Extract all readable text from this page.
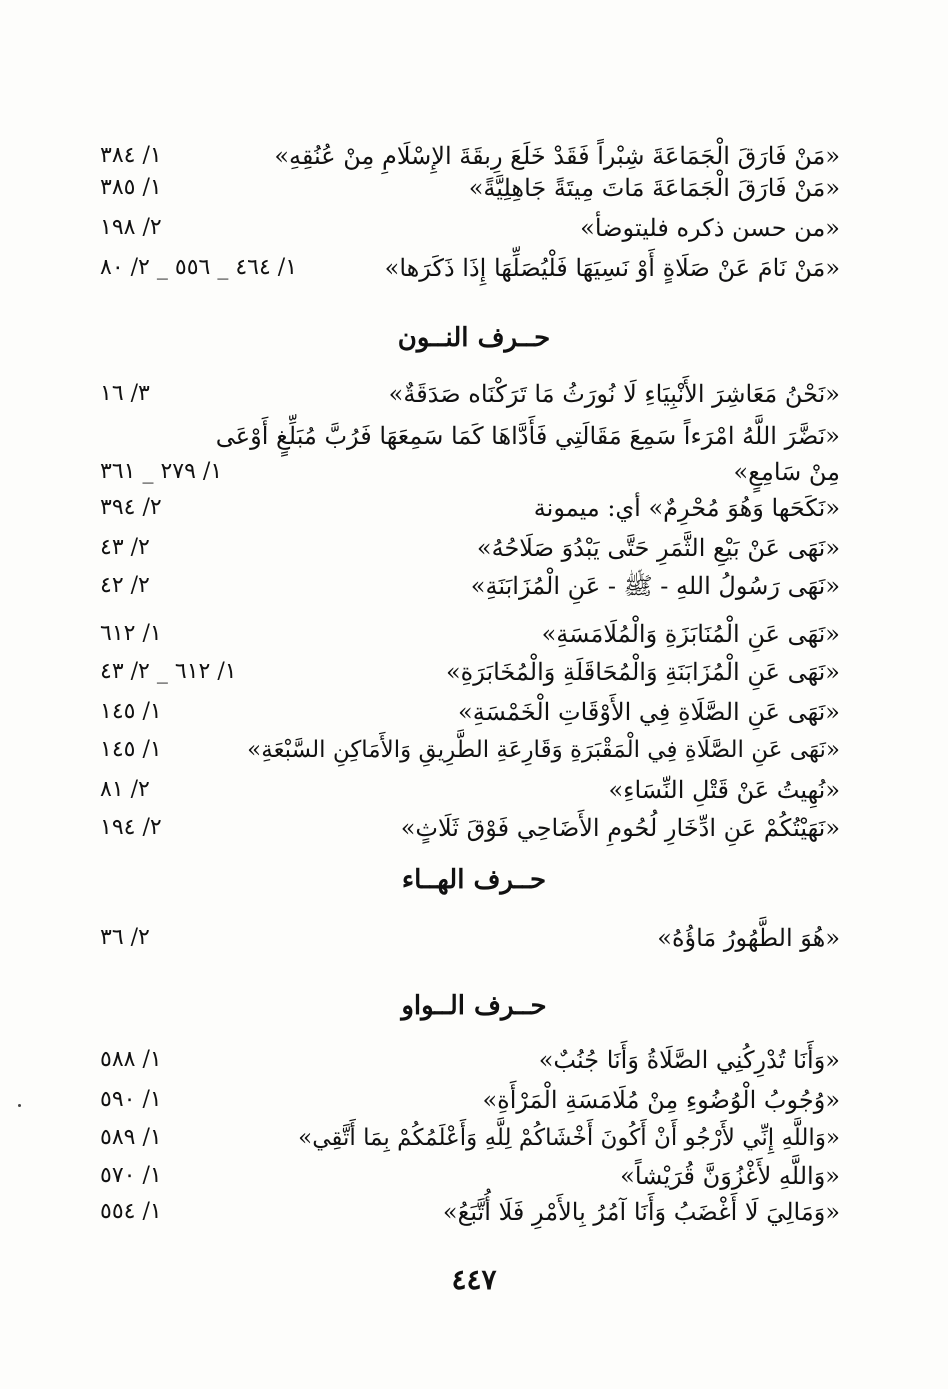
«مَنْ فَارَقَ الْجَمَاعَةَ شِبْراً فَقَدْ خَلَعَ رِبقَةَ الإِسْلَامِ مِنْ عُنُقِهِ»
١/ ٣٨٤
«مَنْ فَارَقَ الْجَمَاعَةَ مَاتَ مِيتَةً جَاهِلِيَّةً»
١/ ٣٨٥
«من حسن ذكره فليتوضأ»
٢/ ١٩٨
«مَنْ نَامَ عَنْ صَلَاةٍ أَوْ نَسِيَهَا فَلْيُصَلِّهَا إِذَا ذَكَرَها»
١/ ٤٦٤ _ ٥٥٦ _ ٢/ ٨٠
حــرف النــون
«نَحْنُ مَعَاشِرَ الأَنْبِيَاءِ لَا نُورَثُ مَا تَرَكْنَاه صَدَقَةٌ»
٣/ ١٦
«نَضَّرَ اللَّهُ امْرَءاً سَمِعَ مَقَالَتِي فَأَدَّاهَا كَمَا سَمِعَهَا فَرُبَّ مُبَلِّغٍ أَوْعَى
مِنْ سَامِعٍ»
١/ ٢٧٩ _ ٣٦١
«نَكَحَها وَهُوَ مُحْرِمٌ» أي: ميمونة
٢/ ٣٩٤
«نَهَى عَنْ بَيْعِ الثَّمَرِ حَتَّى يَبْدُوَ صَلَاحُهُ»
٢/ ٤٣
«نَهَى رَسُولُ اللهِ - ﷺ - عَنِ الْمُزَابَنَةِ»
٢/ ٤٢
«نَهَى عَنِ الْمُنَابَزَةِ وَالْمُلَامَسَةِ»
١/ ٦١٢
«نَهَى عَنِ الْمُزَابَنَةِ وَالْمُحَاقَلَةِ وَالْمُخَابَرَةِ»
١/ ٦١٢ _ ٢/ ٤٣
«نَهَى عَنِ الصَّلَاةِ فِي الأَوْقَاتِ الْخَمْسَةِ»
١/ ١٤٥
«نَهَى عَنِ الصَّلَاةِ فِي الْمَقْبَرَةِ وَقَارِعَةِ الطَّرِيقِ وَالأَمَاكِنِ السَّبْعَةِ»
١/ ١٤٥
«نُهِيتُ عَنْ قَتْلِ النِّسَاءِ»
٢/ ٨١
«نَهَيْتُكُمْ عَنِ ادِّخَارِ لُحُومِ الأَضَاحِي فَوْقَ ثَلَاثٍ»
٢/ ١٩٤
حــرف الهــاء
«هُوَ الطَّهُورُ مَاؤُهُ»
٢/ ٣٦
حــرف الــواو
«وَأَنَا تُدْرِكُنِي الصَّلَاةُ وَأَنَا جُنُبٌ»
١/ ٥٨٨
«وُجُوبُ الْوُضُوءِ مِنْ مُلَامَسَةِ الْمَرْأَةِ»
١/ ٥٩٠
«وَاللَّهِ إِنِّي لأَرْجُو أَنْ أَكُونَ أَخْشَاكُمْ لِلَّهِ وَأَعْلَمُكُمْ بِمَا أَتَّقِي»
١/ ٥٨٩
«وَاللَّهِ لأَغْزُوَنَّ قُرَيْشاً»
١/ ٥٧٠
«وَمَالِيَ لَا أَغْضَبُ وَأَنَا آمُرُ بِالأَمْرِ فَلَا أُتَّبَعُ»
١/ ٥٥٤
٤٤٧
